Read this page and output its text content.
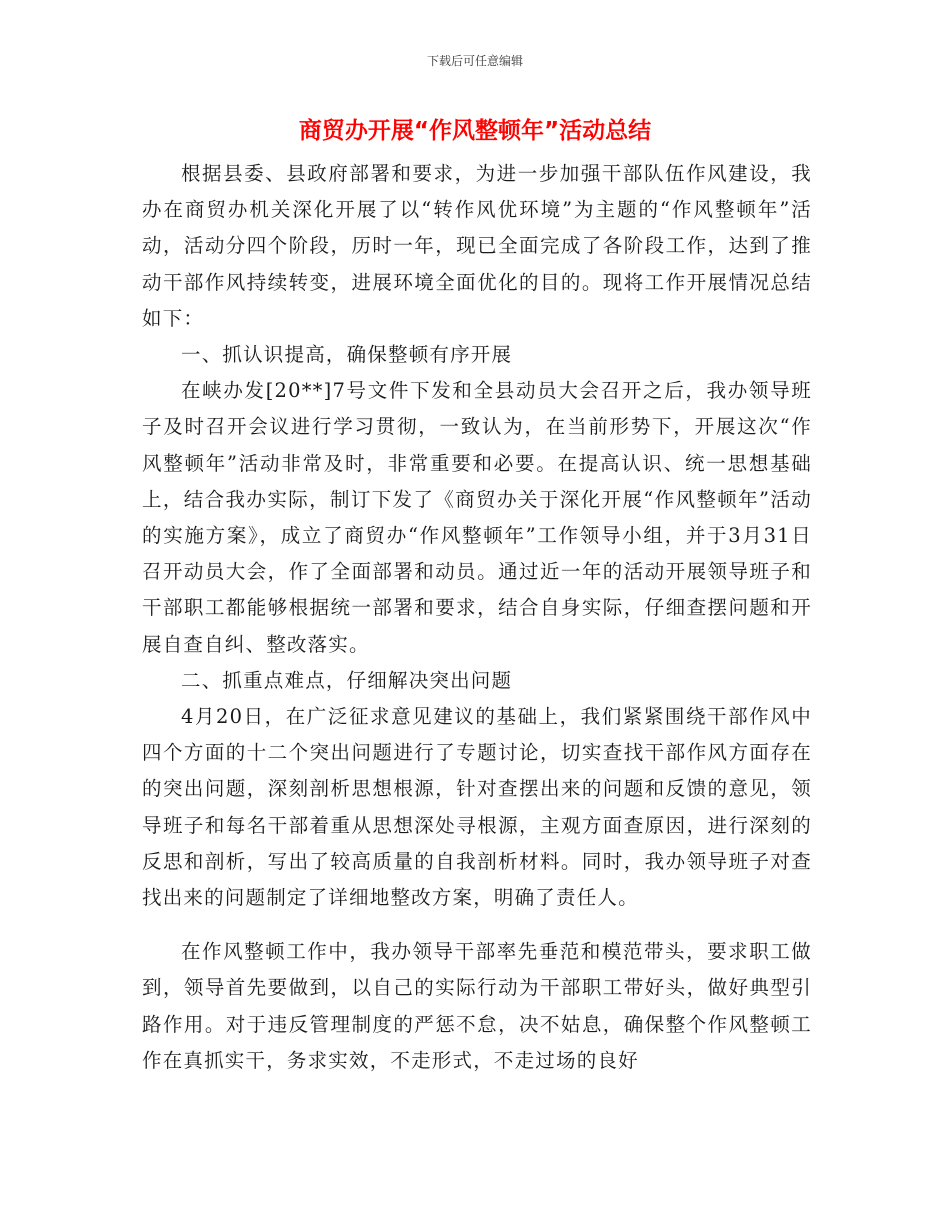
下载后可任意编辑
商贸办开展“作风整顿年”活动总结

根据县委、县政府部署和要求，为进一步加强干部队伍作风建设，我办在商贸办机关深化开展了以“转作风优环境”为主题的“作风整顿年”活动，活动分四个阶段，历时一年，现已全面完成了各阶段工作，达到了推动干部作风持续转变，进展环境全面优化的目的。现将工作开展情况总结如下：

一、抓认识提高，确保整顿有序开展

在峡办发[20**]7号文件下发和全县动员大会召开之后，我办领导班子及时召开会议进行学习贯彻，一致认为，在当前形势下，开展这次“作风整顿年”活动非常及时，非常重要和必要。在提高认识、统一思想基础上，结合我办实际，制订下发了《商贸办关于深化开展“作风整顿年”活动的实施方案》，成立了商贸办“作风整顿年”工作领导小组，并于3月31日召开动员大会，作了全面部署和动员。通过近一年的活动开展领导班子和干部职工都能够根据统一部署和要求，结合自身实际，仔细查摆问题和开展自查自纠、整改落实。

二、抓重点难点，仔细解决突出问题

4月20日，在广泛征求意见建议的基础上，我们紧紧围绕干部作风中四个方面的十二个突出问题进行了专题讨论，切实查找干部作风方面存在的突出问题，深刻剖析思想根源，针对查摆出来的问题和反馈的意见，领导班子和每名干部着重从思想深处寻根源，主观方面查原因，进行深刻的反思和剖析，写出了较高质量的自我剖析材料。同时，我办领导班子对查找出来的问题制定了详细地整改方案，明确了责任人。

在作风整顿工作中，我办领导干部率先垂范和模范带头，要求职工做到，领导首先要做到，以自己的实际行动为干部职工带好头，做好典型引路作用。对于违反管理制度的严惩不怠，决不姑息，确保整个作风整顿工作在真抓实干，务求实效，不走形式，不走过场的良好
